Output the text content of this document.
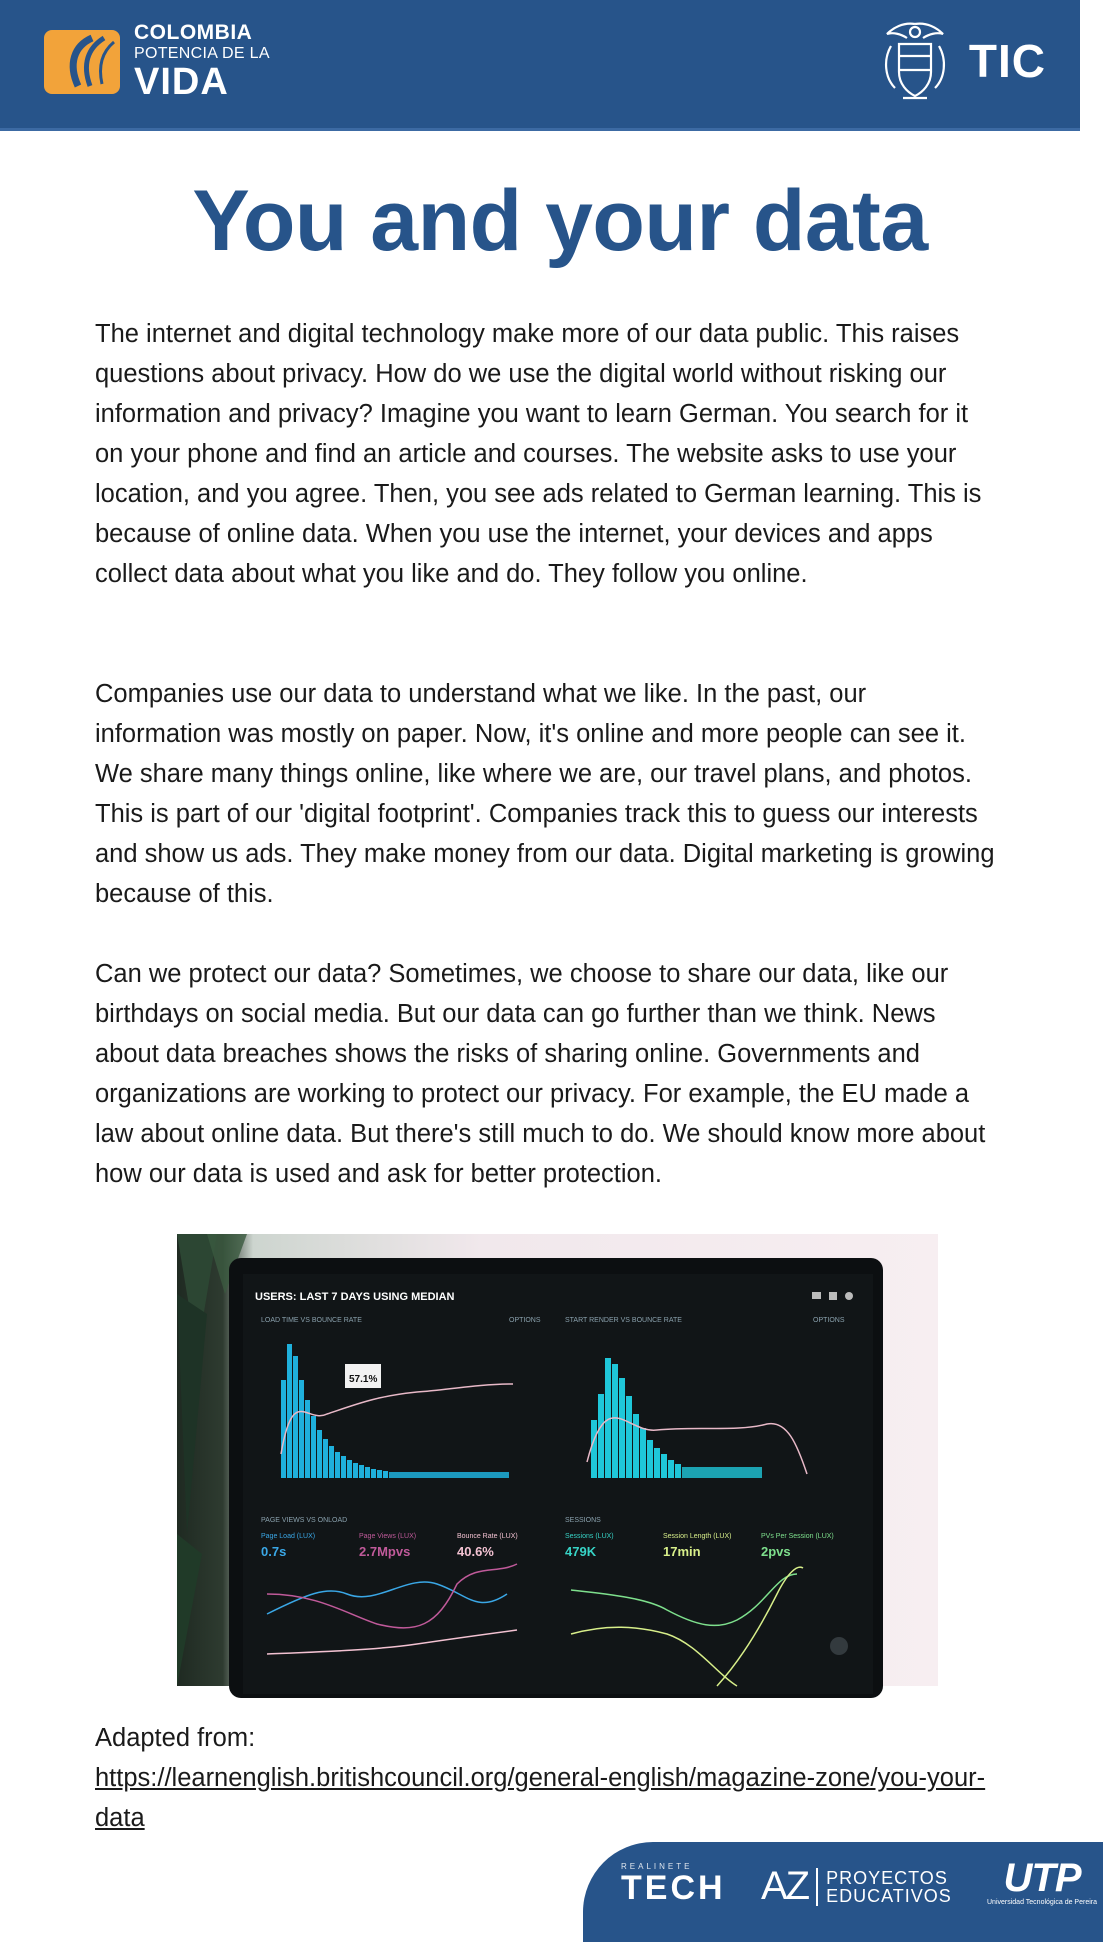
COLOMBIA
POTENCIA DE LA
VIDA	TIC
You and your data

The internet and digital technology make more of our data public. This raises questions about privacy. How do we use the digital world without risking our information and privacy? Imagine you want to learn German. You search for it on your phone and find an article and courses. The website asks to use your location, and you agree. Then, you see ads related to German learning. This is because of online data. When you use the internet, your devices and apps collect data about what you like and do. They follow you online.

Companies use our data to understand what we like. In the past, our information was mostly on paper. Now, it's online and more people can see it. We share many things online, like where we are, our travel plans, and photos. This is part of our 'digital footprint'. Companies track this to guess our interests and show us ads. They make money from our data. Digital marketing is growing because of this.

Can we protect our data? Sometimes, we choose to share our data, like our birthdays on social media. But our data can go further than we think. News about data breaches shows the risks of sharing online. Governments and organizations are working to protect our privacy. For example, the EU made a law about online data. But there's still much to do. We should know more about how our data is used and ask for better protection.

USERS: LAST 7 DAYS USING MEDIAN
LOAD TIME VS BOUNCE RATE	START RENDER VS BOUNCE RATE
PAGE VIEWS VS ONLOAD	SESSIONS
OPTIONS	OPTIONS
57.1%
Page Load (LUX)
0.7s
Page Views (LUX)
2.7Mpvs
Bounce Rate (LUX)
40.6%
Sessions (LUX)
479K
Session Length (LUX)
17min
PVs Per Session (LUX)
2pvs
Adapted from:
https://learnenglish.britishcouncil.org/general-english/magazine-zone/you-your-data
REALINETE
TECH AZ PROYECTOS
EDUCATIVOS	UTP
Universidad Tecnológica de Pereira
